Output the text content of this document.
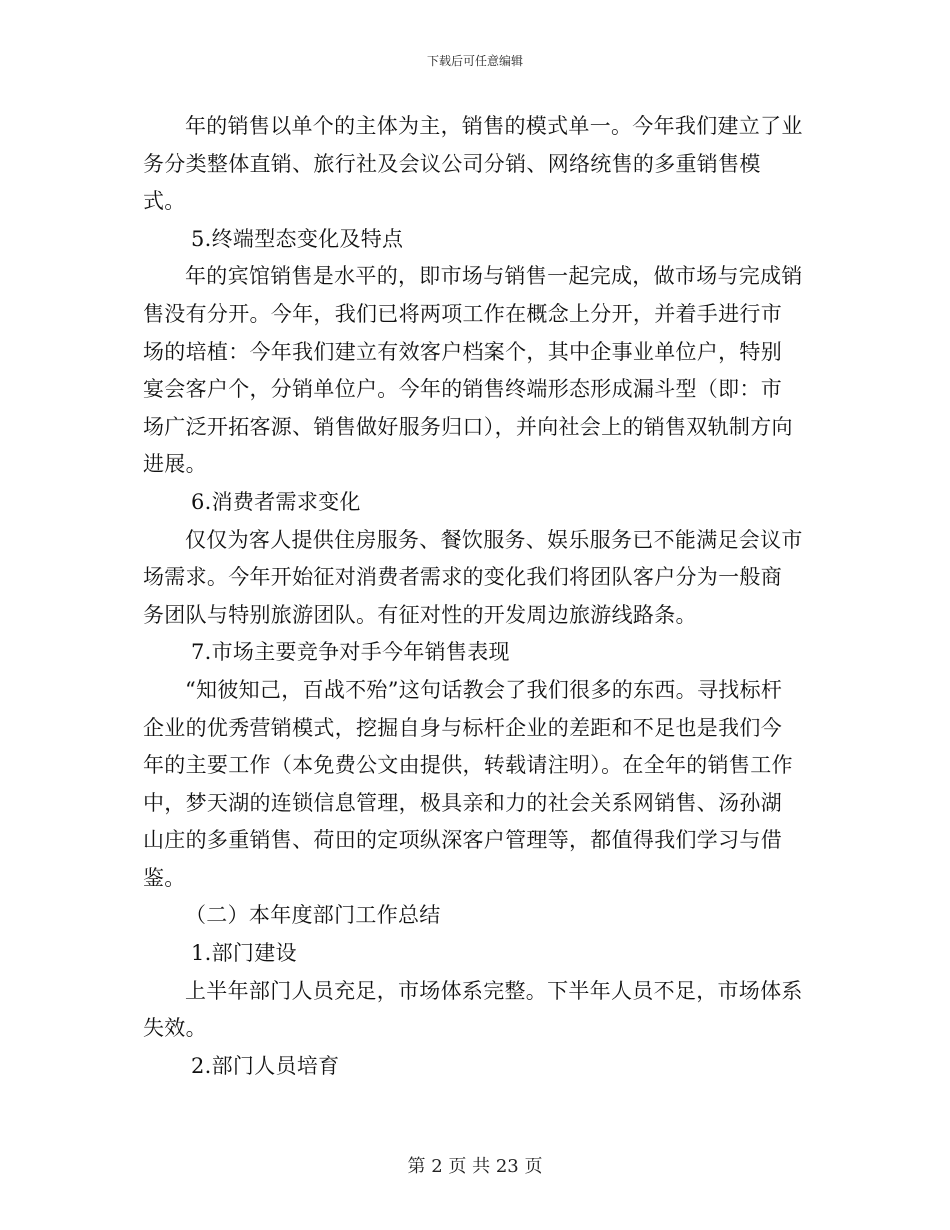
下载后可任意编辑

年的销售以单个的主体为主，销售的模式单一。今年我们建立了业务分类整体直销、旅行社及会议公司分销、网络统售的多重销售模式。

5.终端型态变化及特点

年的宾馆销售是水平的，即市场与销售一起完成，做市场与完成销售没有分开。今年，我们已将两项工作在概念上分开，并着手进行市场的培植：今年我们建立有效客户档案个，其中企事业单位户，特别宴会客户个，分销单位户。今年的销售终端形态形成漏斗型（即：市场广泛开拓客源、销售做好服务归口），并向社会上的销售双轨制方向进展。

6.消费者需求变化

仅仅为客人提供住房服务、餐饮服务、娱乐服务已不能满足会议市场需求。今年开始征对消费者需求的变化我们将团队客户分为一般商务团队与特别旅游团队。有征对性的开发周边旅游线路条。

7.市场主要竞争对手今年销售表现

“知彼知己，百战不殆”这句话教会了我们很多的东西。寻找标杆企业的优秀营销模式，挖掘自身与标杆企业的差距和不足也是我们今年的主要工作（本免费公文由提供，转载请注明）。在全年的销售工作中，梦天湖的连锁信息管理，极具亲和力的社会关系网销售、汤孙湖山庄的多重销售、荷田的定项纵深客户管理等，都值得我们学习与借鉴。

（二）本年度部门工作总结

1.部门建设

上半年部门人员充足，市场体系完整。下半年人员不足，市场体系失效。

2.部门人员培育

第 2 页 共 23 页
